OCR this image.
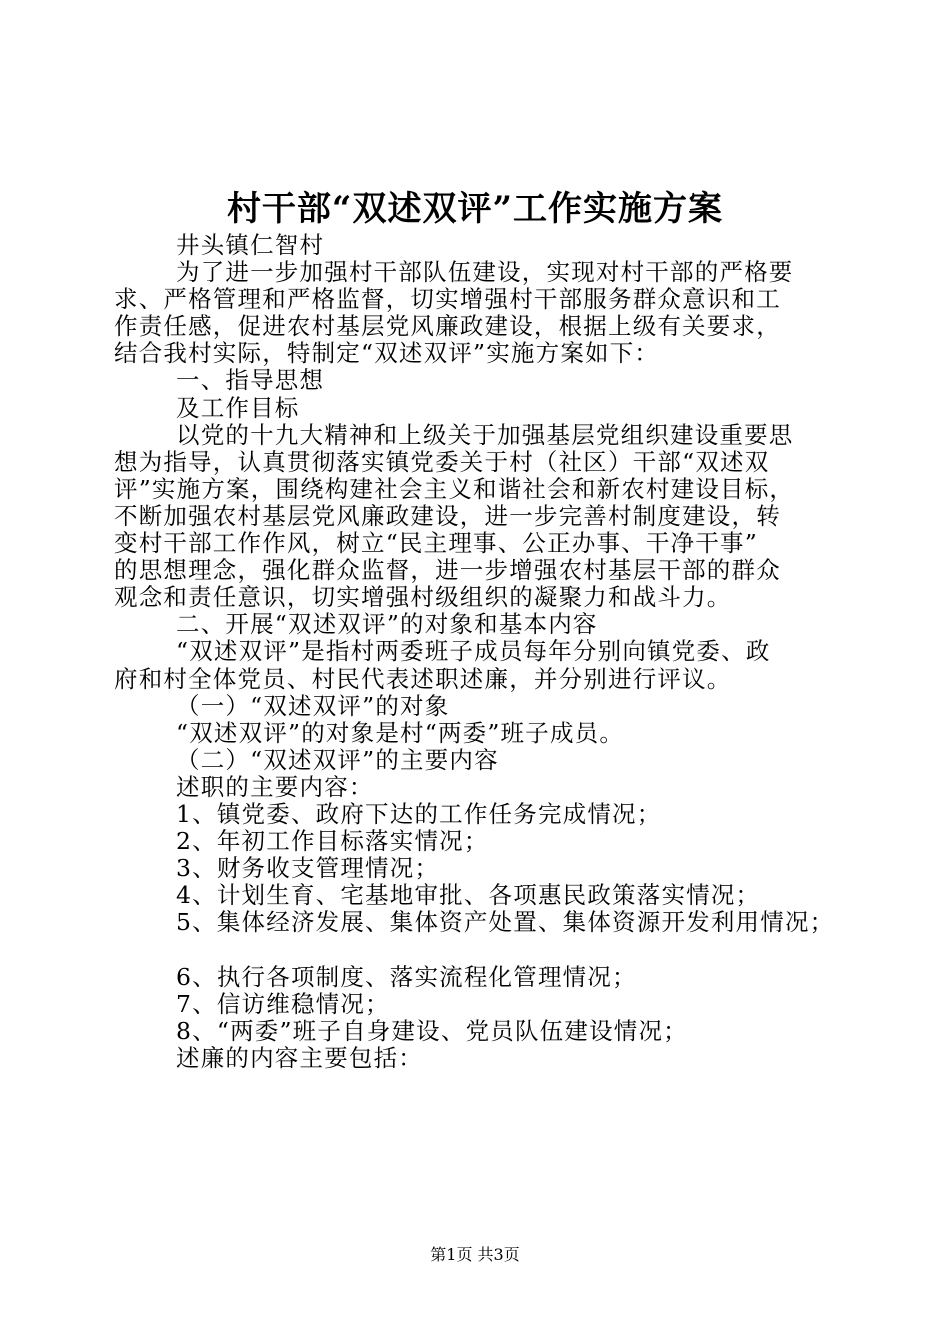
村干部“双述双评”工作实施方案
井头镇仁智村
为了进一步加强村干部队伍建设，实现对村干部的严格要
求、严格管理和严格监督，切实增强村干部服务群众意识和工
作责任感，促进农村基层党风廉政建设，根据上级有关要求，
结合我村实际，特制定“双述双评”实施方案如下：
一、指导思想
及工作目标
以党的十九大精神和上级关于加强基层党组织建设重要思
想为指导，认真贯彻落实镇党委关于村（社区）干部“双述双
评”实施方案，围绕构建社会主义和谐社会和新农村建设目标，
不断加强农村基层党风廉政建设，进一步完善村制度建设，转
变村干部工作作风，树立“民主理事、公正办事、干净干事”
的思想理念，强化群众监督，进一步增强农村基层干部的群众
观念和责任意识，切实增强村级组织的凝聚力和战斗力。
二、开展“双述双评”的对象和基本内容
“双述双评”是指村两委班子成员每年分别向镇党委、政
府和村全体党员、村民代表述职述廉，并分别进行评议。
（一）“双述双评”的对象
“双述双评”的对象是村“两委”班子成员。
（二）“双述双评”的主要内容
述职的主要内容：
1、镇党委、政府下达的工作任务完成情况；
2、年初工作目标落实情况；
3、财务收支管理情况；
4、计划生育、宅基地审批、各项惠民政策落实情况；
5、集体经济发展、集体资产处置、集体资源开发利用情况；
6、执行各项制度、落实流程化管理情况；
7、信访维稳情况；
8、“两委”班子自身建设、党员队伍建设情况；
述廉的内容主要包括：
第1页 共3页
